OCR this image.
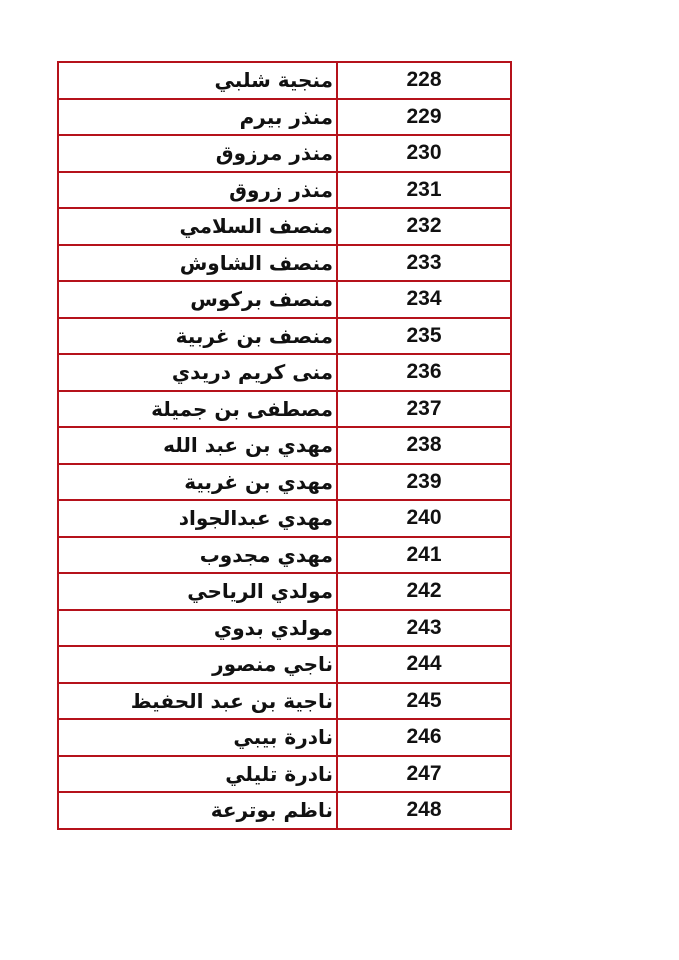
منجية شلبي	228
منذر بيرم	229
منذر مرزوق	230
منذر زروق	231
منصف السلامي	232
منصف الشاوش	233
منصف بركوس	234
منصف بن غربية	235
منى كريم دريدي	236
مصطفى بن جميلة	237
مهدي بن عبد الله	238
مهدي بن غربية	239
مهدي عبدالجواد	240
مهدي مجدوب	241
مولدي الرياحي	242
مولدي بدوي	243
ناجي منصور	244
ناجية بن عبد الحفيظ	245
نادرة بيبي	246
نادرة تليلي	247
ناظم بوترعة	248
